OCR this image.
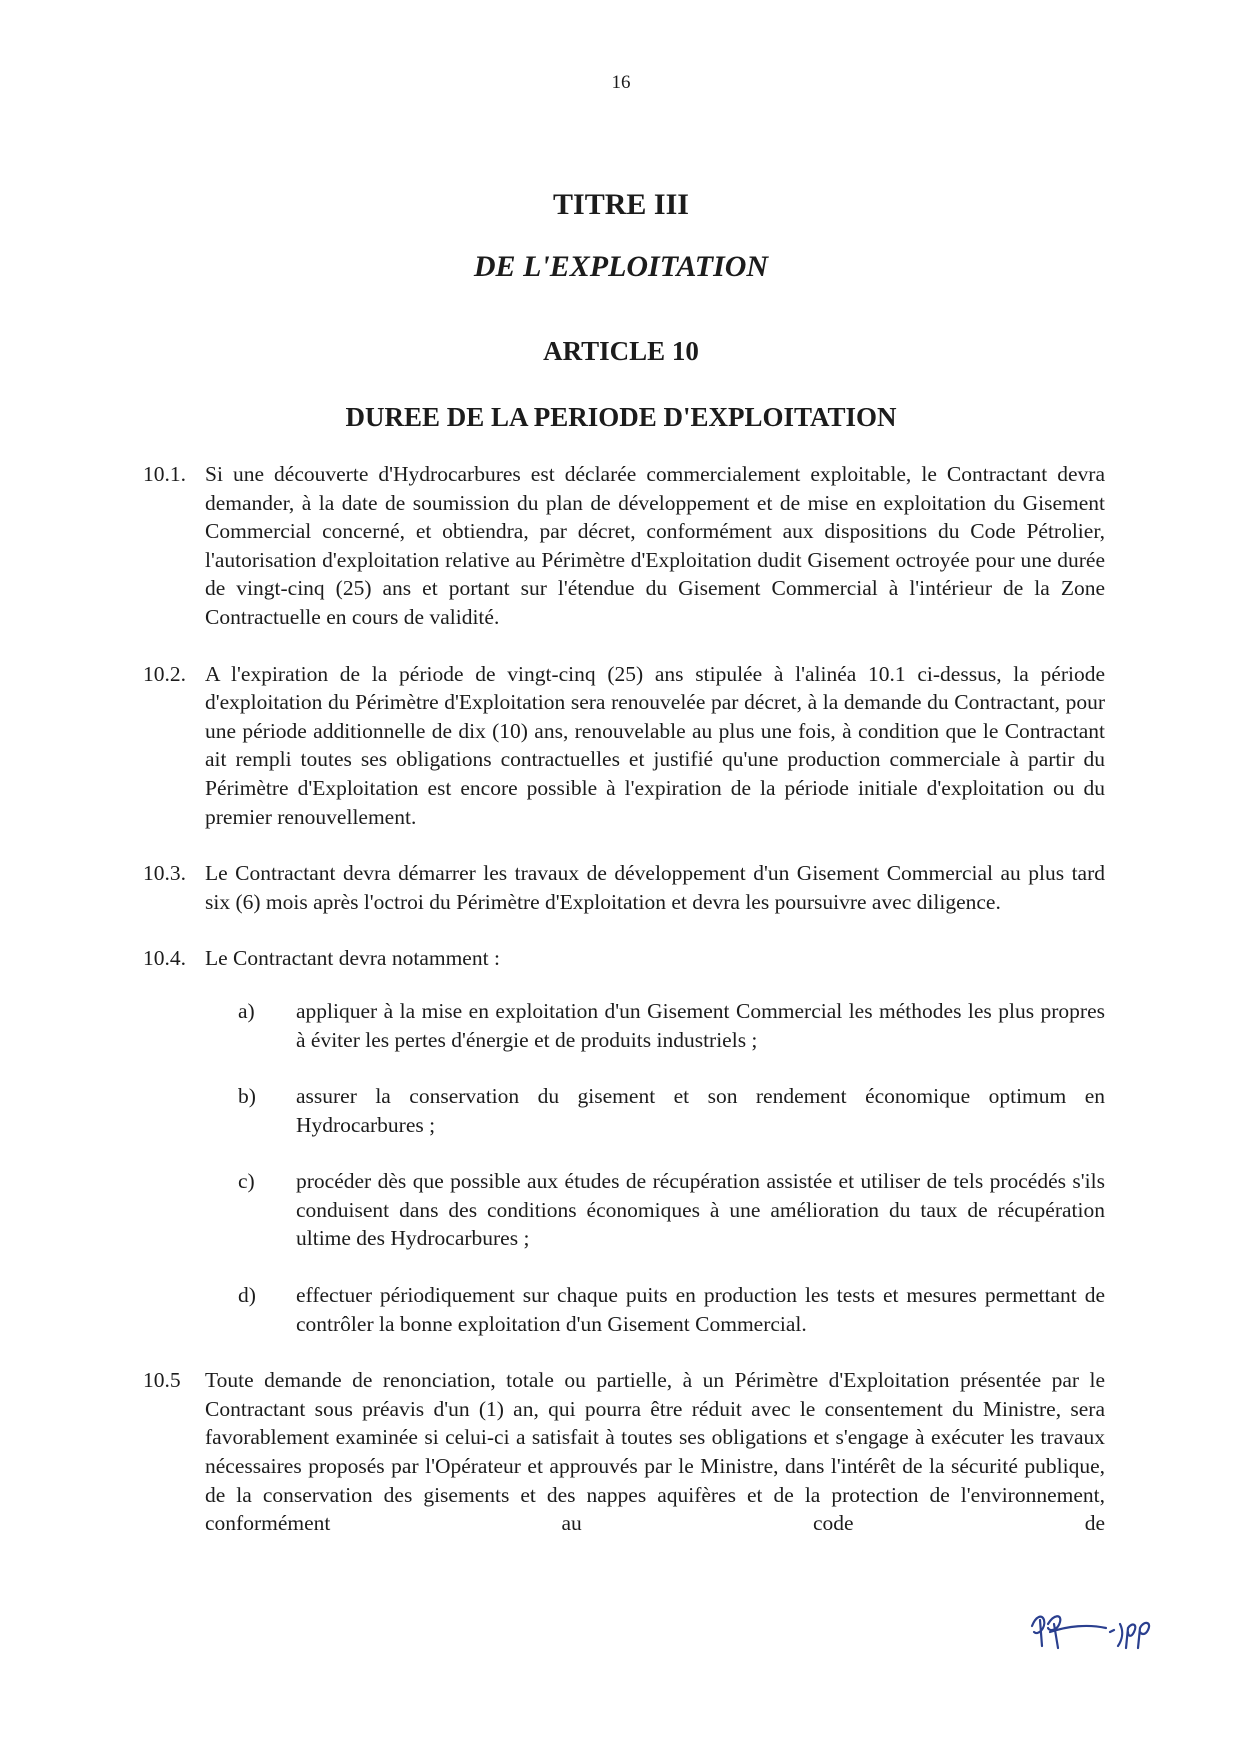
16
TITRE III
DE L'EXPLOITATION
ARTICLE 10
DUREE DE LA PERIODE D'EXPLOITATION
10.1. Si une découverte d'Hydrocarbures est déclarée commercialement exploitable, le Contractant devra demander, à la date de soumission du plan de développement et de mise en exploitation du Gisement Commercial concerné, et obtiendra, par décret, conformément aux dispositions du Code Pétrolier, l'autorisation d'exploitation relative au Périmètre d'Exploitation dudit Gisement octroyée pour une durée de vingt-cinq (25) ans et portant sur l'étendue du Gisement Commercial à l'intérieur de la Zone Contractuelle en cours de validité.
10.2. A l'expiration de la période de vingt-cinq (25) ans stipulée à l'alinéa 10.1 ci-dessus, la période d'exploitation du Périmètre d'Exploitation sera renouvelée par décret, à la demande du Contractant, pour une période additionnelle de dix (10) ans, renouvelable au plus une fois, à condition que le Contractant ait rempli toutes ses obligations contractuelles et justifié qu'une production commerciale à partir du Périmètre d'Exploitation est encore possible à l'expiration de la période initiale d'exploitation ou du premier renouvellement.
10.3. Le Contractant devra démarrer les travaux de développement d'un Gisement Commercial au plus tard six (6) mois après l'octroi du Périmètre d'Exploitation et devra les poursuivre avec diligence.
10.4. Le Contractant devra notamment :
a)	appliquer à la mise en exploitation d'un Gisement Commercial les méthodes les plus propres à éviter les pertes d'énergie et de produits industriels ;
b)	assurer la conservation du gisement et son rendement économique optimum en Hydrocarbures ;
c)	procéder dès que possible aux études de récupération assistée et utiliser de tels procédés s'ils conduisent dans des conditions économiques à une amélioration du taux de récupération ultime des Hydrocarbures ;
d)	effectuer périodiquement sur chaque puits en production les tests et mesures permettant de contrôler la bonne exploitation d'un Gisement Commercial.
10.5	Toute demande de renonciation, totale ou partielle, à un Périmètre d'Exploitation présentée par le Contractant sous préavis d'un (1) an, qui pourra être réduit avec le consentement du Ministre, sera favorablement examinée si celui-ci a satisfait à toutes ses obligations et s'engage à exécuter les travaux nécessaires proposés par l'Opérateur et approuvés par le Ministre, dans l'intérêt de la sécurité publique, de la conservation des gisements et des nappes aquifères et de la protection de l'environnement, conformément au code de
